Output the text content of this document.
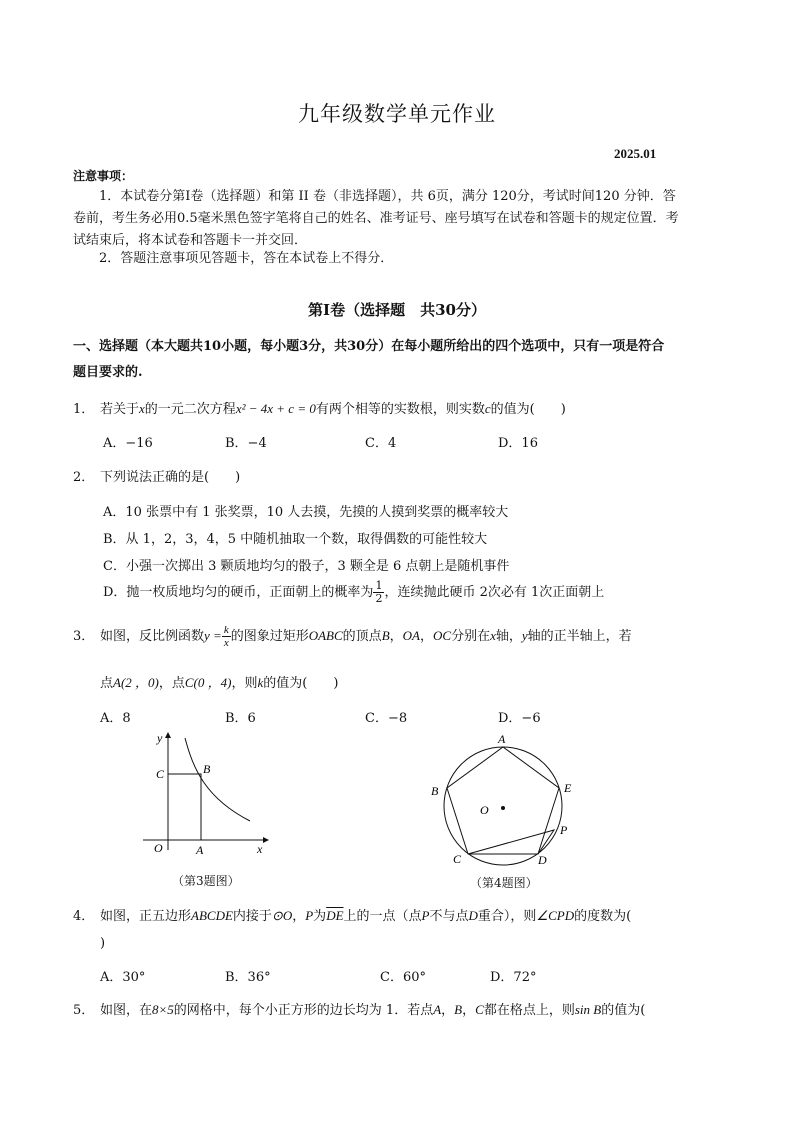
九年级数学单元作业
2025.01
注意事项：
1．本试卷分第Ⅰ卷（选择题）和第 II 卷（非选择题），共 6页，满分 120分，考试时间120 分钟．答
卷前，考生务必用0.5毫米黑色签字笔将自己的姓名、准考证号、座号填写在试卷和答题卡的规定位置．考
试结束后，将本试卷和答题卡一并交回．
2．答题注意事项见答题卡，答在本试卷上不得分．
第Ⅰ卷（选择题　共30分）
一、选择题（本大题共10小题，每小题3分，共30分）在每小题所给出的四个选项中，只有一项是符合
题目要求的.
1． 若关于x的一元二次方程x² − 4x + c = 0有两个相等的实数根，则实数c的值为(　　)
A．−16	B．−4	C．4	D．16
2． 下列说法正确的是(　　)
A．10 张票中有 1 张奖票，10 人去摸，先摸的人摸到奖票的概率较大
B．从 1，2，3，4，5 中随机抽取一个数，取得偶数的可能性较大
C．小强一次掷出 3 颗质地均匀的骰子，3 颗全是 6 点朝上是随机事件
D．抛一枚质地均匀的硬币，正面朝上的概率为 $\frac{1}{2}$ ，连续抛此硬币 2次必有 1次正面朝上
3． 如图，反比例函数$y = \frac{k}{x}$ 的图象过矩形OABC的顶点B，OA，OC分别在x轴，y轴的正半轴上，若
点A(2 ，0)，点C(0 ，4)，则k的值为(　　)
A．8	B．6	C．−8	D．−6
y
x
O	A
B
C
（第3题图）
A
B
C	D
E
O
P
（第4题图）
4． 如图，正五边形ABCDE内接于⊙O，P为$\overline{DE}$上的一点（点P不与点D重合），则∠CPD的度数为(
)
A．30°	B．36°	C．60°	D．72°
5． 如图，在8×5的网格中，每个小正方形的边长均为 1．若点A，B，C都在格点上，则sin B的值为(
